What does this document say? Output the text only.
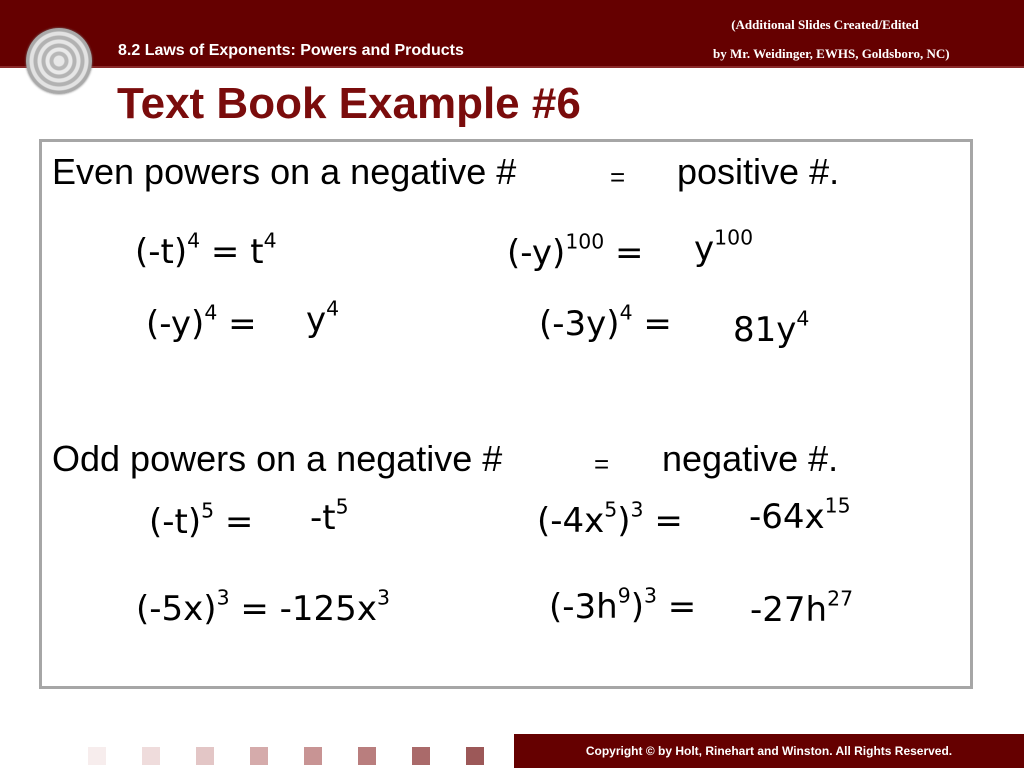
8.2 Laws of Exponents: Powers and Products
(Additional Slides Created/Edited
by Mr. Weidinger, EWHS, Goldsboro, NC)
Text Book Example #6
Even powers on a negative #	= positive #.
$(-t)^4 = t^4$	$(-y)^{100} = y^{100}$
$(-y)^4 = y^4$	$(-3y)^4 = 81y^4$
Odd powers on a negative #	= negative #.
$(-t)^5 = -t^5$	$(-4x^5)^3 = -64x^{15}$
$(-5x)^3 = -125x^3$	$(-3h^9)^3 = -27h^{27}$
Copyright © by Holt, Rinehart and Winston. All Rights Reserved.
